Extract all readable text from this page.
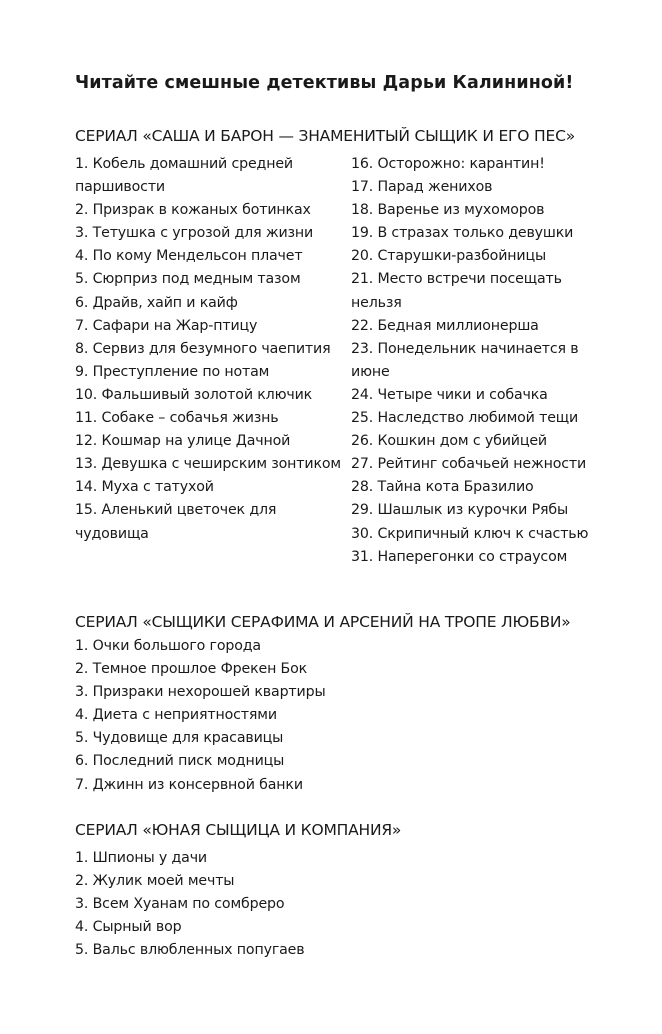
Читайте смешные детективы Дарьи Калининой!
СЕРИАЛ «САША И БАРОН — ЗНАМЕНИТЫЙ СЫЩИК И ЕГО ПЕС»
1. Кобель домашний средней паршивости
2. Призрак в кожаных ботинках
3. Тетушка с угрозой для жизни
4. По кому Мендельсон плачет
5. Сюрприз под медным тазом
6. Драйв, хайп и кайф
7. Сафари на Жар-птицу
8. Сервиз для безумного чаепития
9. Преступление по нотам
10. Фальшивый золотой ключик
11. Собаке – собачья жизнь
12. Кошмар на улице Дачной
13. Девушка с чеширским зонтиком
14. Муха с татухой
15. Аленький цветочек для чудовища
16. Осторожно: карантин!
17. Парад женихов
18. Варенье из мухоморов
19. В стразах только девушки
20. Старушки-разбойницы
21. Место встречи посещать нельзя
22. Бедная миллионерша
23. Понедельник начинается в июне
24. Четыре чики и собачка
25. Наследство любимой тещи
26. Кошкин дом с убийцей
27. Рейтинг собачьей нежности
28. Тайна кота Бразилио
29. Шашлык из курочки Рябы
30. Скрипичный ключ к счастью
31. Наперегонки со страусом
СЕРИАЛ «СЫЩИКИ СЕРАФИМА И АРСЕНИЙ НА ТРОПЕ ЛЮБВИ»
1. Очки большого города
2. Темное прошлое Фрекен Бок
3. Призраки нехорошей квартиры
4. Диета с неприятностями
5. Чудовище для красавицы
6. Последний писк модницы
7. Джинн из консервной банки
СЕРИАЛ «ЮНАЯ СЫЩИЦА И КОМПАНИЯ»
1. Шпионы у дачи
2. Жулик моей мечты
3. Всем Хуанам по сомбреро
4. Сырный вор
5. Вальс влюбленных попугаев
